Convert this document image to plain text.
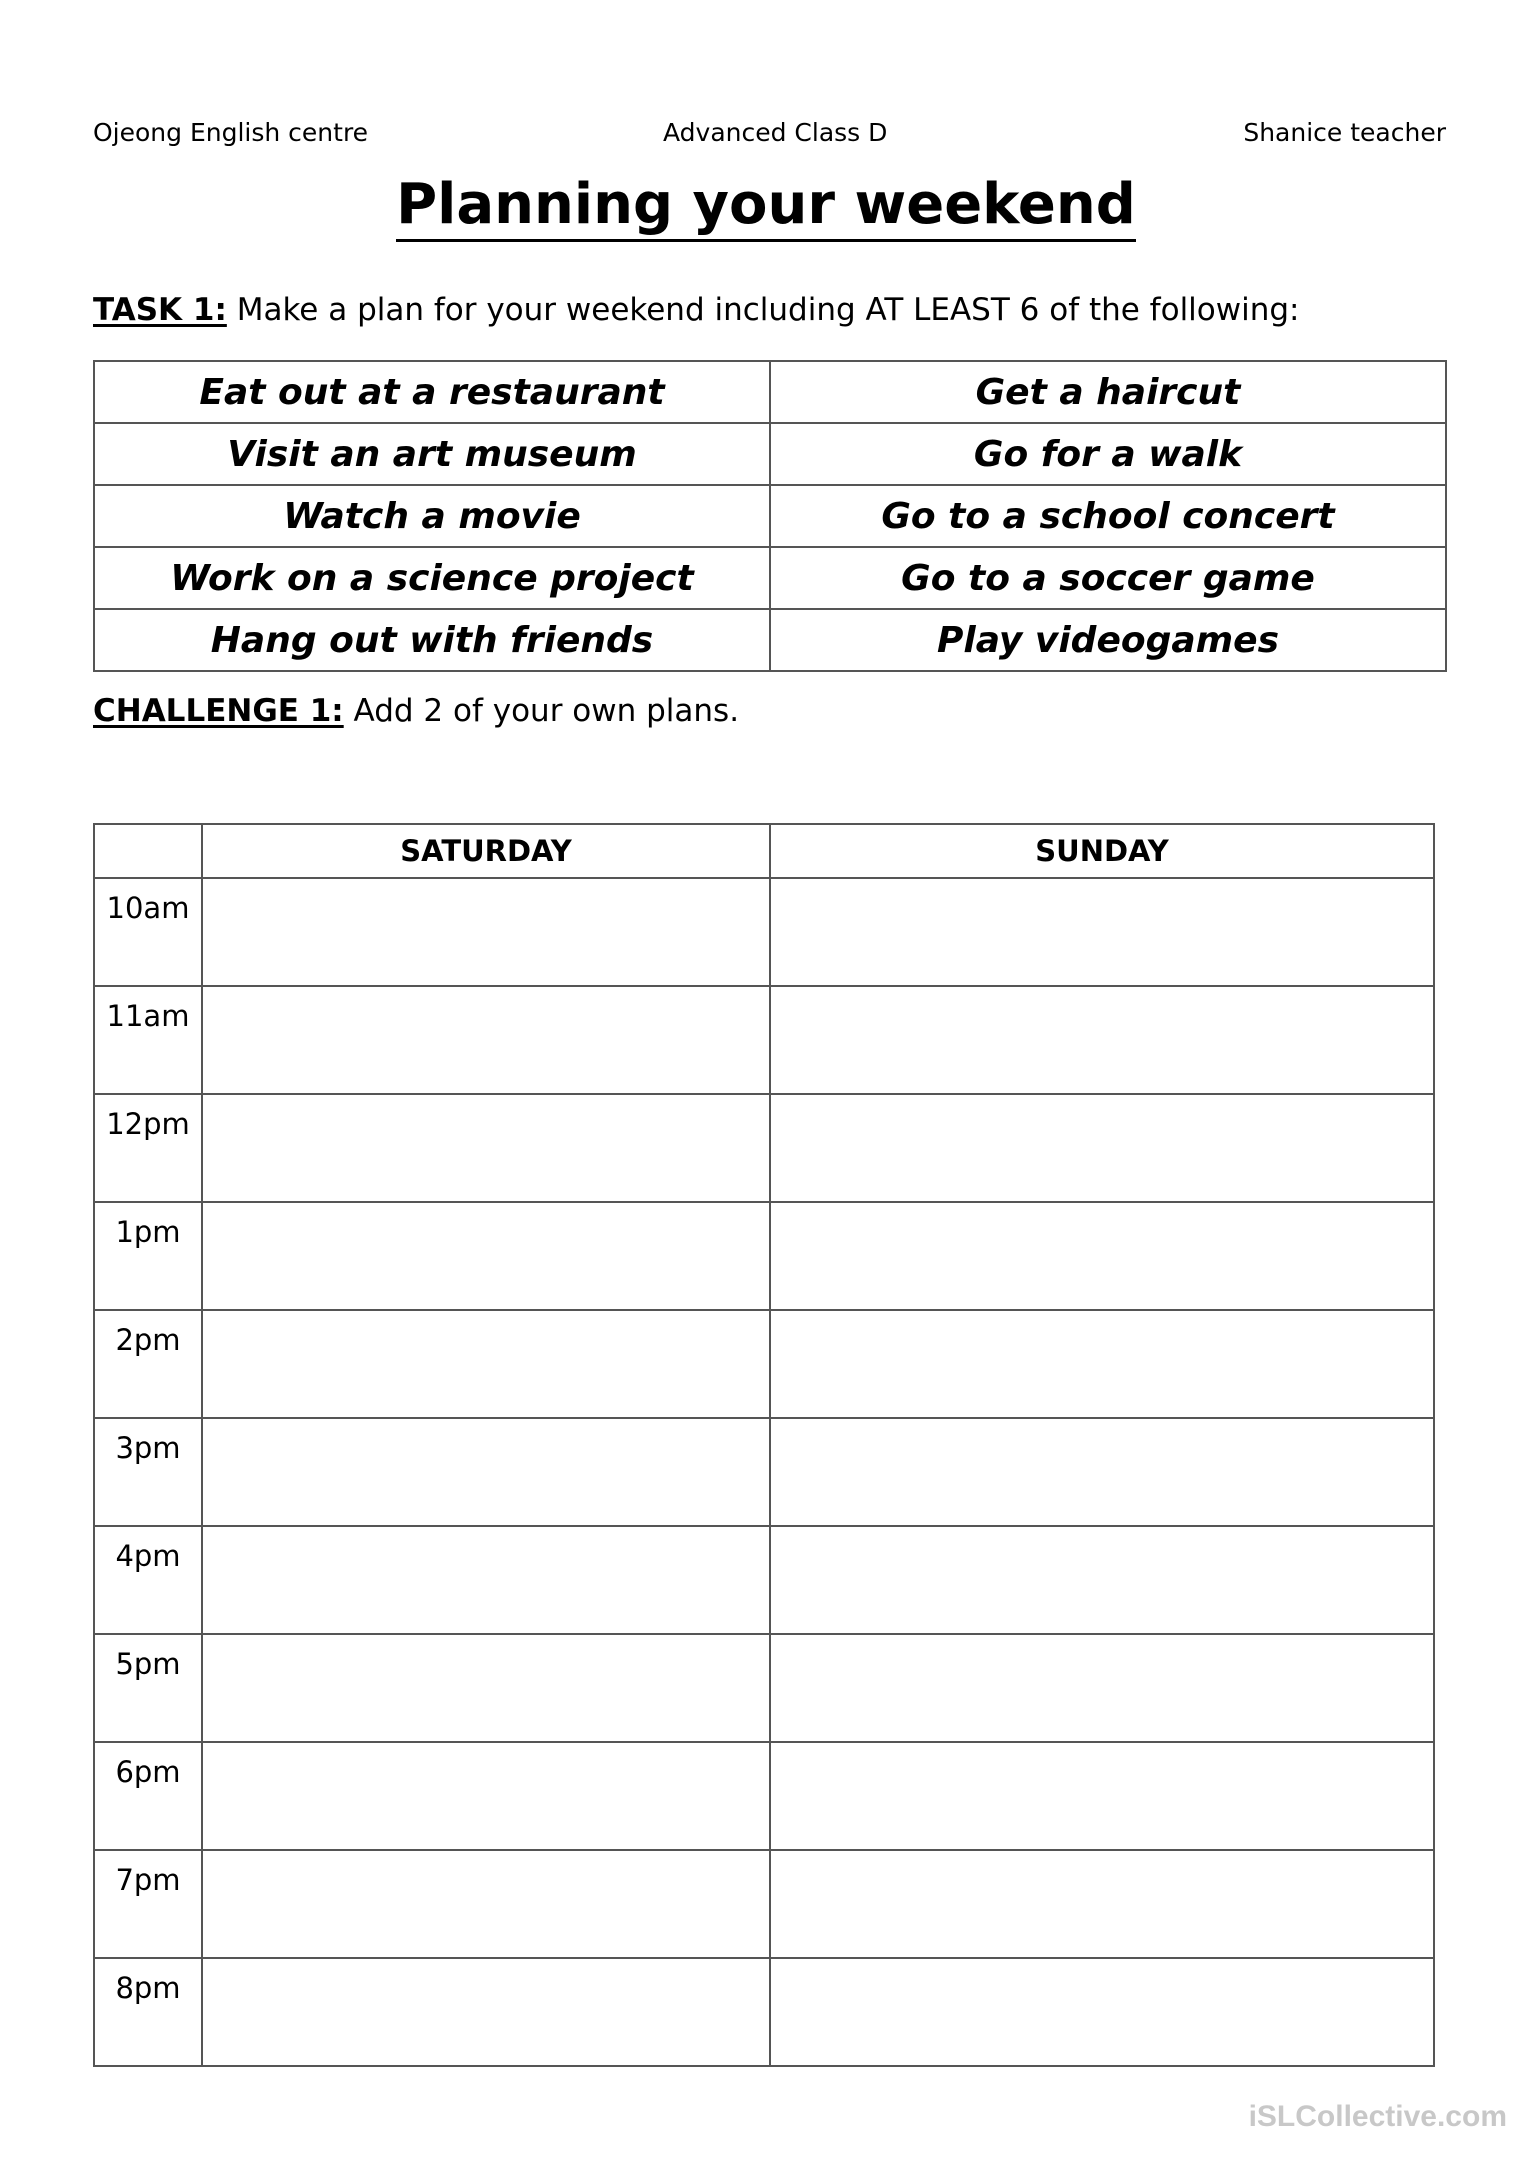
Ojeong English centre	Advanced Class D	Shanice teacher
Planning your weekend
TASK 1: Make a plan for your weekend including AT LEAST 6 of the following:
Eat out at a restaurant	Get a haircut
Visit an art museum	Go for a walk
Watch a movie	Go to a school concert
Work on a science project	Go to a soccer game
Hang out with friends	Play videogames
CHALLENGE 1: Add 2 of your own plans.
	SATURDAY	SUNDAY
10am		
11am		
12pm		
1pm		
2pm		
3pm		
4pm		
5pm		
6pm		
7pm		
8pm		
iSLCollective.com
